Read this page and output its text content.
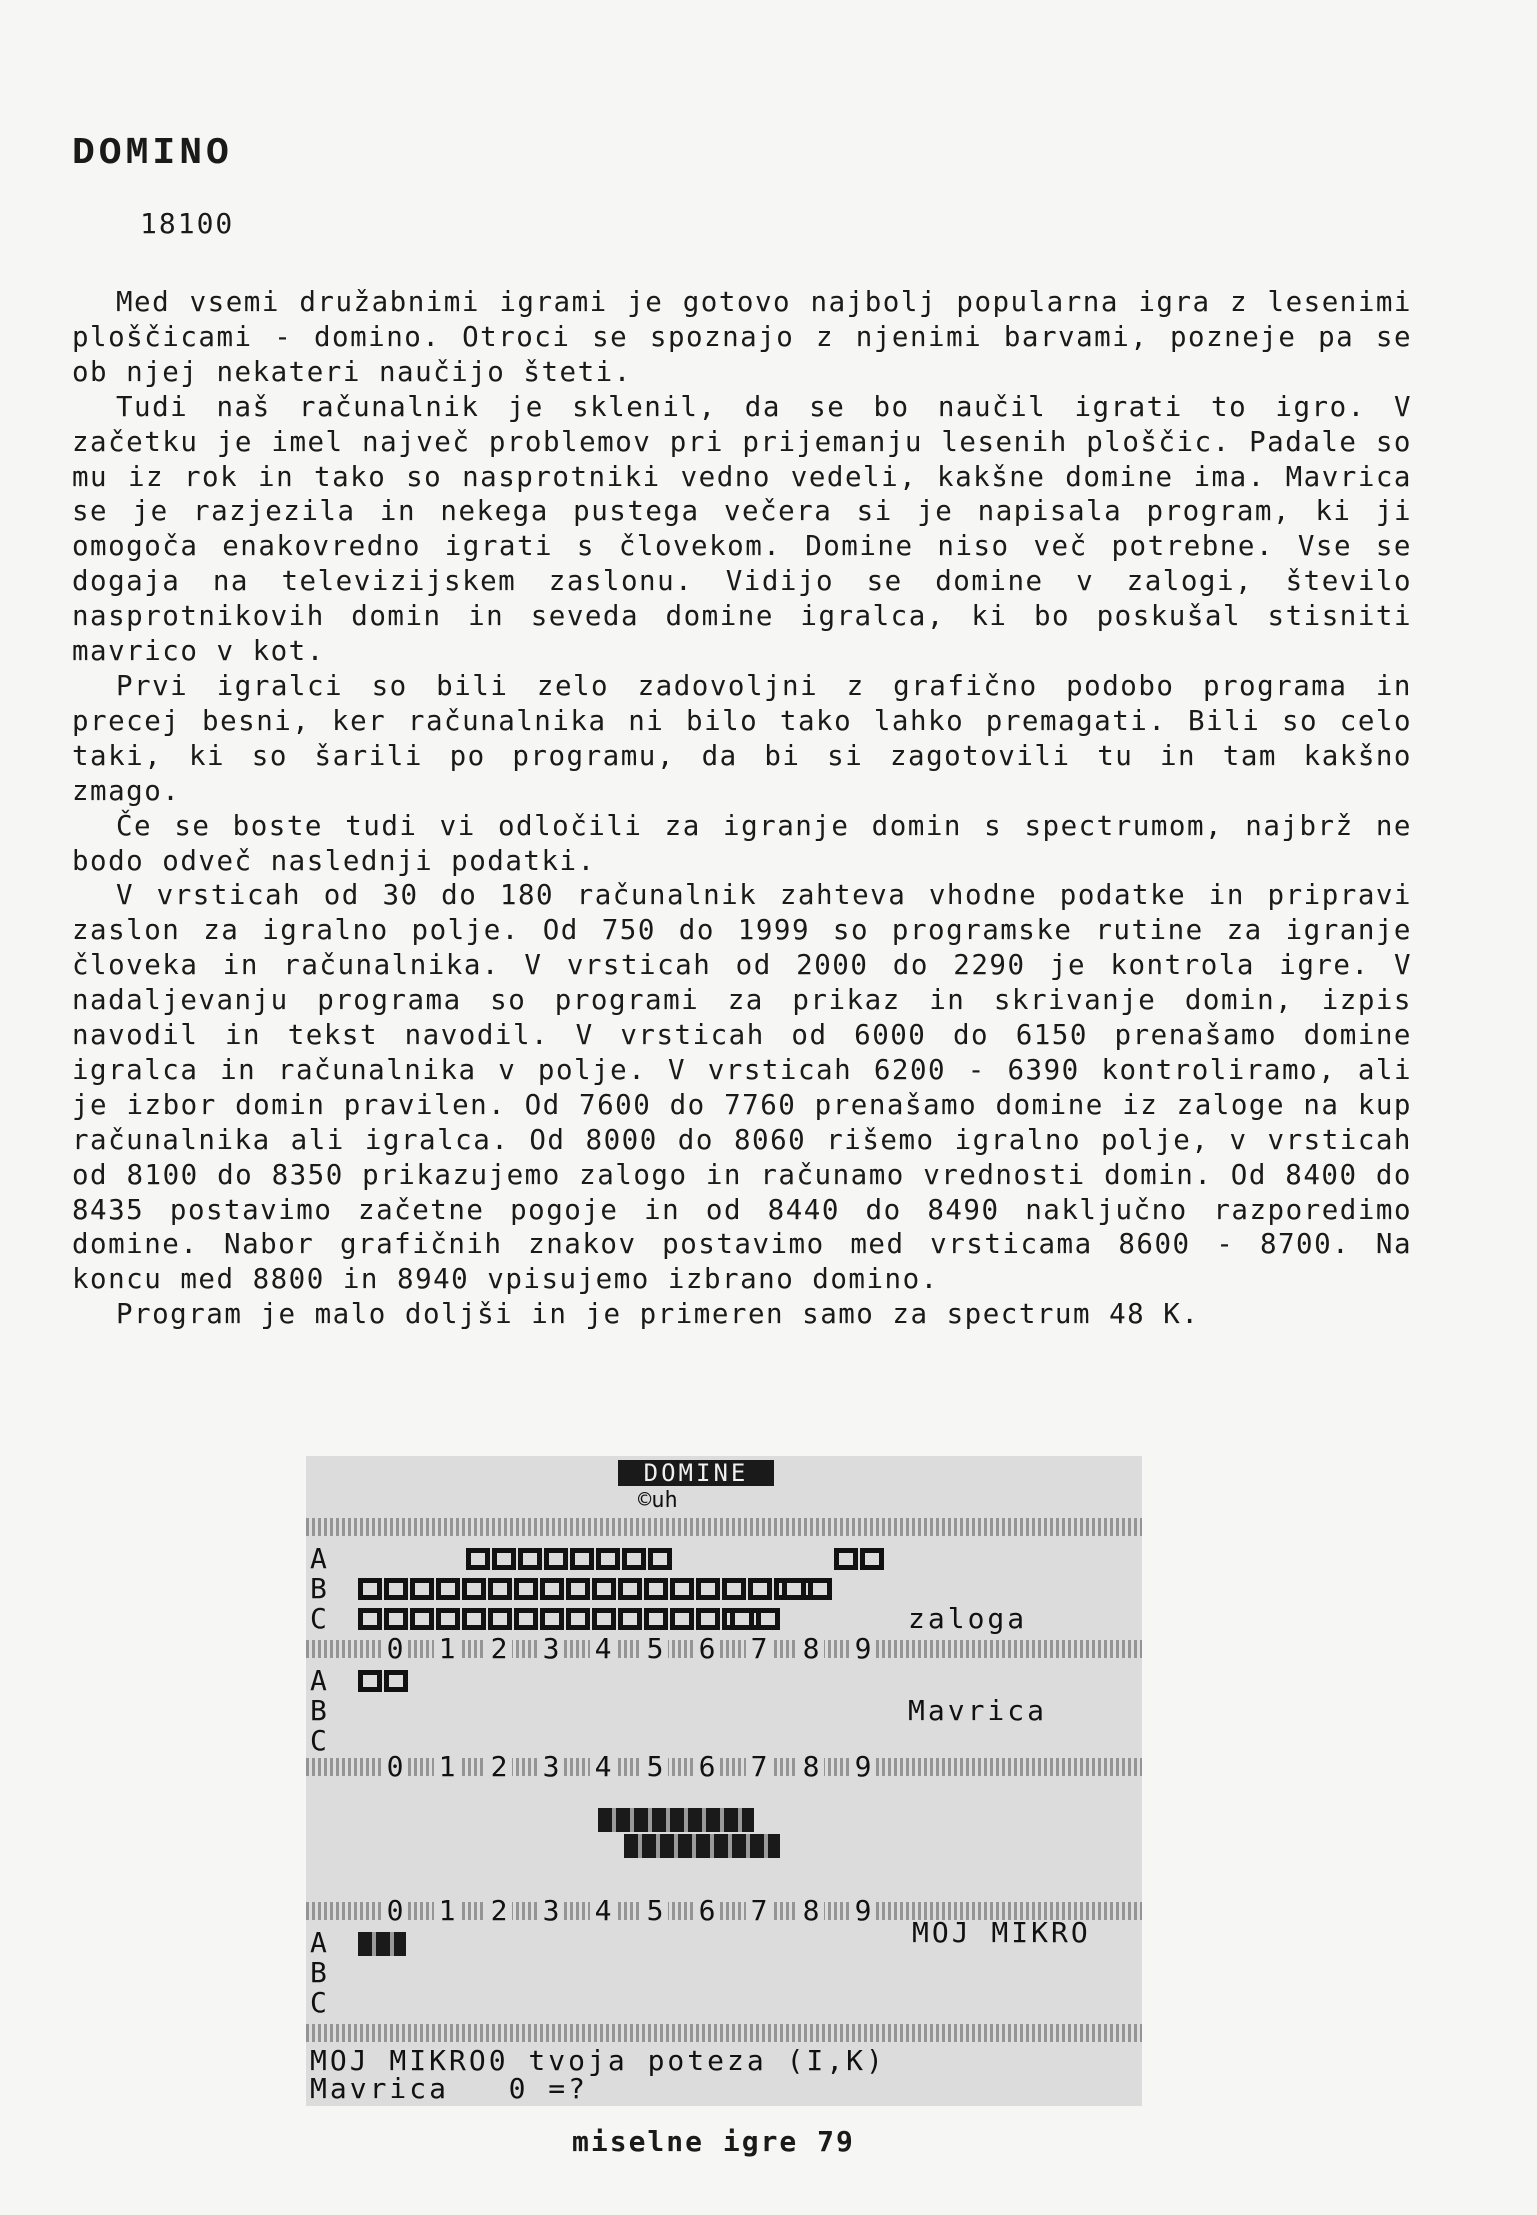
DOMINO
18100

Med vsemi družabnimi igrami je gotovo najbolj popularna igra z lesenimi ploščicami - domino. Otroci se spoznajo z njenimi barvami, pozneje pa se ob njej nekateri naučijo šteti.

Tudi naš računalnik je sklenil, da se bo naučil igrati to igro. V začetku je imel največ problemov pri prijemanju lesenih ploščic. Padale so mu iz rok in tako so nasprotniki vedno vedeli, kakšne domine ima. Mavrica se je razjezila in nekega pustega večera si je napisala program, ki ji omogoča enakovredno igrati s človekom. Domine niso več potrebne. Vse se dogaja na televizijskem zaslonu. Vidijo se domine v zalogi, število nasprotnikovih domin in seveda domine igralca, ki bo poskušal stisniti mavrico v kot.

Prvi igralci so bili zelo zadovoljni z grafično podobo programa in precej besni, ker računalnika ni bilo tako lahko premagati. Bili so celo taki, ki so šarili po programu, da bi si zagotovili tu in tam kakšno zmago.

Če se boste tudi vi odločili za igranje domin s spectrumom, najbrž ne bodo odveč naslednji podatki.

V vrsticah od 30 do 180 računalnik zahteva vhodne podatke in pripravi zaslon za igralno polje. Od 750 do 1999 so programske rutine za igranje človeka in računalnika. V vrsticah od 2000 do 2290 je kontrola igre. V nadaljevanju programa so programi za prikaz in skrivanje domin, izpis navodil in tekst navodil. V vrsticah od 6000 do 6150 prenašamo domine igralca in računalnika v polje. V vrsticah 6200 - 6390 kontroliramo, ali je izbor domin pravilen. Od 7600 do 7760 prenašamo domine iz zaloge na kup računalnika ali igralca. Od 8000 do 8060 rišemo igralno polje, v vrsticah od 8100 do 8350 prikazujemo zalogo in računamo vrednosti domin. Od 8400 do 8435 postavimo začetne pogoje in od 8440 do 8490 naključno razporedimo domine. Nabor grafičnih znakov postavimo med vrsticama 8600 - 8700. Na koncu med 8800 in 8940 vpisujemo izbrano domino.

Program je malo doljši in je primeren samo za spectrum 48 K.

DOMINE
©uh
A
B
C	zaloga
0 1 2 3 4 5 6 7 8 9
A
B
C
Mavrica
0 1 2 3 4 5 6 7 8 9
0 1 2 3 4 5 6 7 8 9
A
B
C
MOJ MIKRO
MOJ MIKRO0 tvoja poteza (I,K)
Mavrica   0 =?
miselne igre 79
